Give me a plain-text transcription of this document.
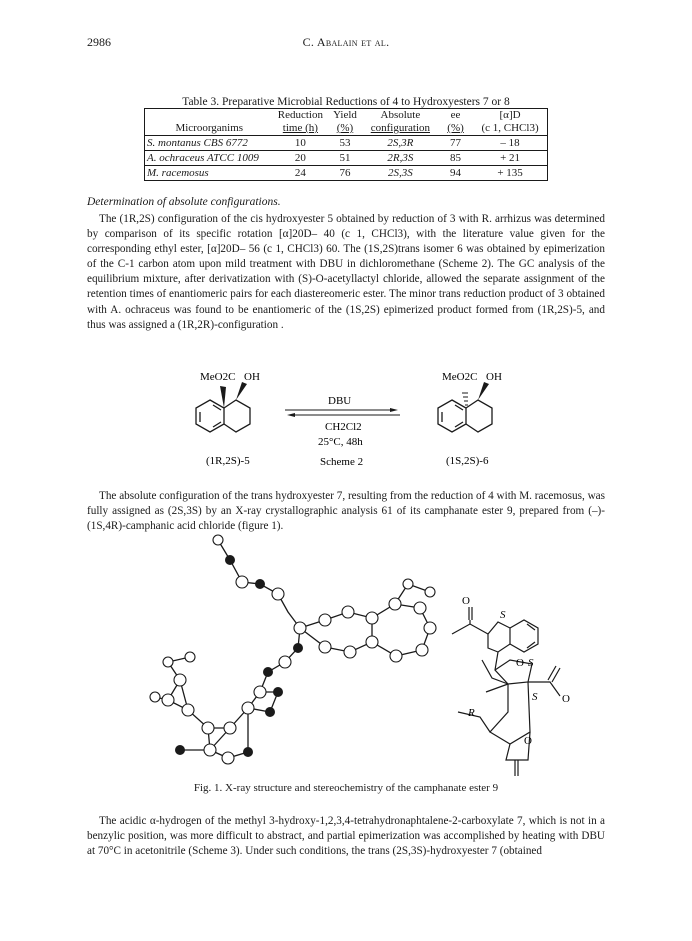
2986	C. Abalain et al.
Table 3. Preparative Microbial Reductions of 4 to Hydroxyesters 7 or 8
	Reduction	Yield	Absolute	ee	[α]D
Microorganims	time (h)	(%)	configuration	(%)	(c 1, CHCl3)
S. montanus CBS 6772	10	53	2S,3R	77	– 18
A. ochraceus ATCC 1009	20	51	2R,3S	85	+ 21
M. racemosus	24	76	2S,3S	94	+ 135
Determination of absolute configurations.
The (1R,2S) configuration of the cis hydroxyester 5 obtained by reduction of 3 with R. arrhizus was determined by comparison of its specific rotation [α]20D– 40 (c 1, CHCl3), with the literature value given for the corresponding ethyl ester, [α]20D– 56 (c 1, CHCl3) 60. The (1S,2S)trans isomer 6 was obtained by epimerization of the C-1 carbon atom upon mild treatment with DBU in dichloromethane (Scheme 2). The GC analysis of the equilibrium mixture, after derivatization with (S)-O-acetyllactyl chloride, allowed the separate assignment of the retention times of enantiomeric pairs for each diastereomeric ester. The minor trans reduction product of 3 obtained with A. ochraceus was found to be enantiomeric of the (1S,2S) epimerized product formed from (1R,2S)-5, and thus was assigned a (1R,2R)-configuration .
MeO2C OH
(1R,2S)-5
DBU
CH2Cl2
25°C, 48h
Scheme 2
MeO2C OH
(1S,2S)-6
The absolute configuration of the trans hydroxyester 7, resulting from the reduction of 4 with M. racemosus, was fully assigned as (2S,3S) by an X-ray crystallographic analysis 61 of its camphanate ester 9, prepared from (–)-(1S,4R)-camphanic acid chloride (figure 1).
O
S
O S
R
S O
O
Fig. 1. X-ray structure and stereochemistry of the camphanate ester 9
The acidic α-hydrogen of the methyl 3-hydroxy-1,2,3,4-tetrahydronaphtalene-2-carboxylate 7, which is not in a benzylic position, was more difficult to abstract, and partial epimerization was accomplished by heating with DBU at 70°C in acetonitrile (Scheme 3). Under such conditions, the trans (2S,3S)-hydroxyester 7 (obtained
